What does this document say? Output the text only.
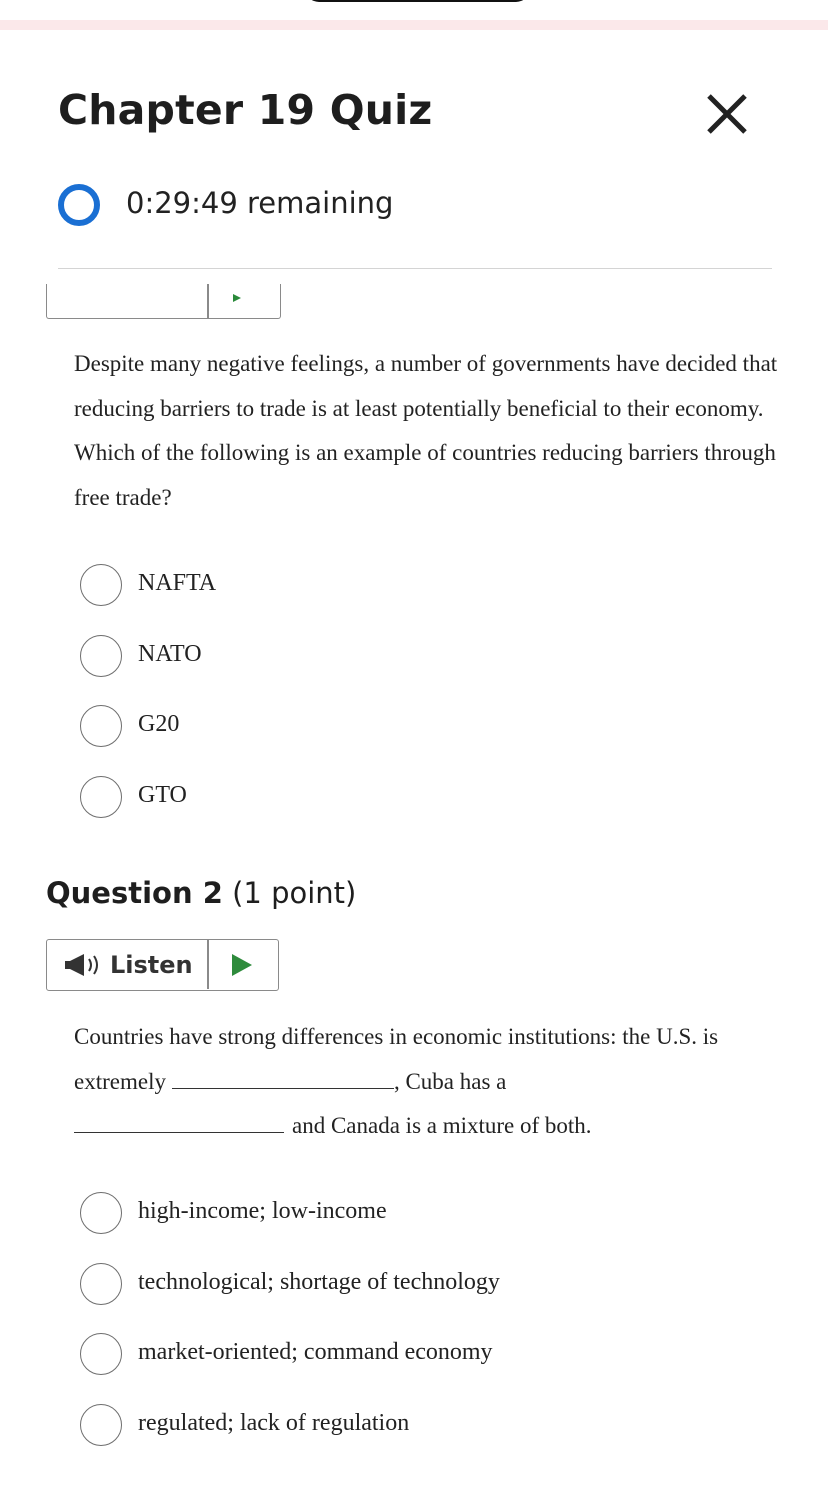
Chapter 19 Quiz
0:29:49 remaining
Despite many negative feelings, a number of governments have decided that reducing barriers to trade is at least potentially beneficial to their economy. Which of the following is an example of countries reducing barriers through free trade?
NAFTA
NATO
G20
GTO
Question 2 (1 point)
Listen
Countries have strong differences in economic institutions: the U.S. is extremely	, Cuba has a
and Canada is a mixture of both.
high-income; low-income
technological; shortage of technology
market-oriented; command economy
regulated; lack of regulation
